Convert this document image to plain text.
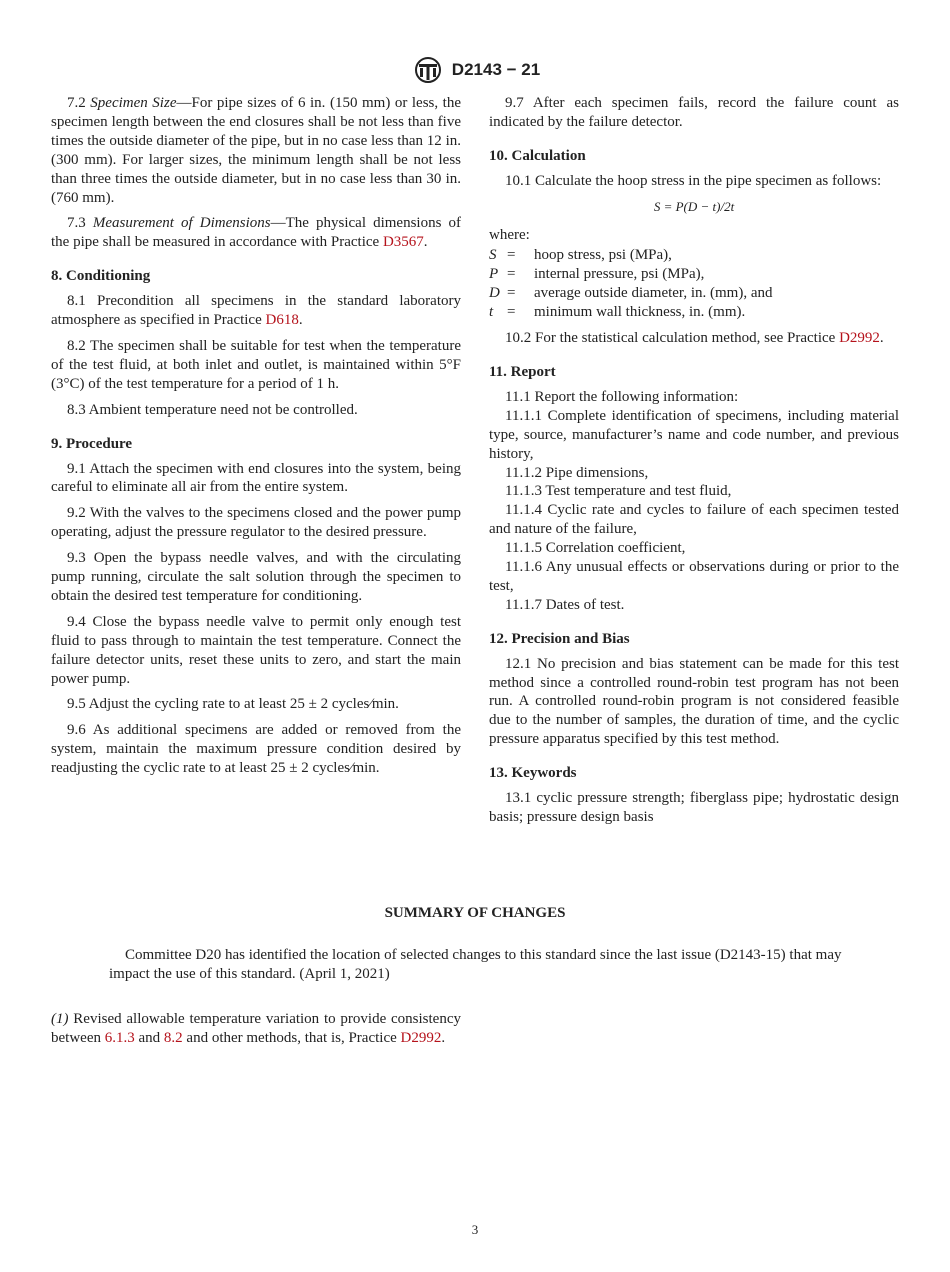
D2143 − 21

7.2 Specimen Size—For pipe sizes of 6 in. (150 mm) or less, the specimen length between the end closures shall be not less than five times the outside diameter of the pipe, but in no case less than 12 in. (300 mm). For larger sizes, the minimum length shall be not less than three times the outside diameter, but in no case less than 30 in. (760 mm).

7.3 Measurement of Dimensions—The physical dimensions of the pipe shall be measured in accordance with Practice D3567.

8. Conditioning

8.1 Precondition all specimens in the standard laboratory atmosphere as specified in Practice D618.

8.2 The specimen shall be suitable for test when the temperature of the test fluid, at both inlet and outlet, is maintained within 5°F (3°C) of the test temperature for a period of 1 h.

8.3 Ambient temperature need not be controlled.

9. Procedure

9.1 Attach the specimen with end closures into the system, being careful to eliminate all air from the entire system.

9.2 With the valves to the specimens closed and the power pump operating, adjust the pressure regulator to the desired pressure.

9.3 Open the bypass needle valves, and with the circulating pump running, circulate the salt solution through the specimen to obtain the desired test temperature for conditioning.

9.4 Close the bypass needle valve to permit only enough test fluid to pass through to maintain the test temperature. Connect the failure detector units, reset these units to zero, and start the main power pump.

9.5 Adjust the cycling rate to at least 25 ± 2 cycles⁄min.

9.6 As additional specimens are added or removed from the system, maintain the maximum pressure condition desired by readjusting the cyclic rate to at least 25 ± 2 cycles⁄min.

9.7 After each specimen fails, record the failure count as indicated by the failure detector.

10. Calculation

10.1 Calculate the hoop stress in the pipe specimen as follows:

S = P(D − t)/2t

where:

S =	hoop stress, psi (MPa),
P =	internal pressure, psi (MPa),
D =	average outside diameter, in. (mm), and
t =	minimum wall thickness, in. (mm).

10.2 For the statistical calculation method, see Practice D2992.

11. Report

11.1 Report the following information:

11.1.1 Complete identification of specimens, including material type, source, manufacturer’s name and code number, and previous history,

11.1.2 Pipe dimensions,

11.1.3 Test temperature and test fluid,

11.1.4 Cyclic rate and cycles to failure of each specimen tested and nature of the failure,

11.1.5 Correlation coefficient,

11.1.6 Any unusual effects or observations during or prior to the test,

11.1.7 Dates of test.

12. Precision and Bias

12.1 No precision and bias statement can be made for this test method since a controlled round-robin test program has not been run. A controlled round-robin program is not considered feasible due to the number of samples, the duration of time, and the cyclic pressure apparatus specified by this test method.

13. Keywords

13.1 cyclic pressure strength; fiberglass pipe; hydrostatic design basis; pressure design basis

SUMMARY OF CHANGES
Committee D20 has identified the location of selected changes to this standard since the last issue (D2143-15) that may impact the use of this standard. (April 1, 2021)
(1) Revised allowable temperature variation to provide consistency between 6.1.3 and 8.2 and other methods, that is, Practice D2992.
3
